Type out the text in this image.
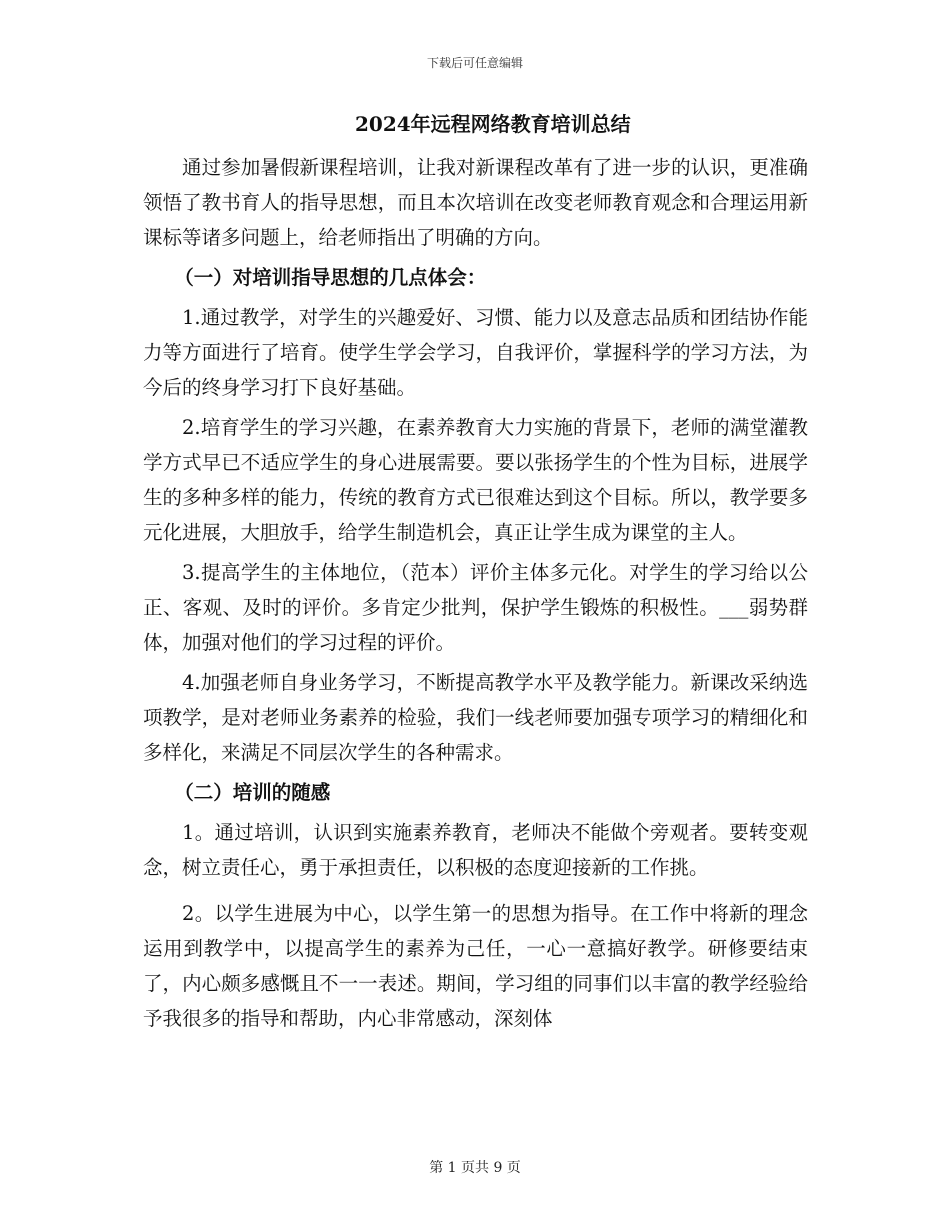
下载后可任意编辑
2024年远程网络教育培训总结

通过参加暑假新课程培训，让我对新课程改革有了进一步的认识，更准确领悟了教书育人的指导思想，而且本次培训在改变老师教育观念和合理运用新课标等诸多问题上，给老师指出了明确的方向。

（一）对培训指导思想的几点体会：

1.通过教学，对学生的兴趣爱好、习惯、能力以及意志品质和团结协作能力等方面进行了培育。使学生学会学习，自我评价，掌握科学的学习方法，为今后的终身学习打下良好基础。

2.培育学生的学习兴趣，在素养教育大力实施的背景下，老师的满堂灌教学方式早已不适应学生的身心进展需要。要以张扬学生的个性为目标，进展学生的多种多样的能力，传统的教育方式已很难达到这个目标。所以，教学要多元化进展，大胆放手，给学生制造机会，真正让学生成为课堂的主人。

3.提高学生的主体地位，（范本）评价主体多元化。对学生的学习给以公正、客观、及时的评价。多肯定少批判，保护学生锻炼的积极性。___弱势群体，加强对他们的学习过程的评价。

4.加强老师自身业务学习，不断提高教学水平及教学能力。新课改采纳选项教学，是对老师业务素养的检验，我们一线老师要加强专项学习的精细化和多样化，来满足不同层次学生的各种需求。

（二）培训的随感

1。通过培训，认识到实施素养教育，老师决不能做个旁观者。要转变观念，树立责任心，勇于承担责任，以积极的态度迎接新的工作挑。

2。以学生进展为中心，以学生第一的思想为指导。在工作中将新的理念运用到教学中，以提高学生的素养为己任，一心一意搞好教学。研修要结束了，内心颇多感慨且不一一表述。期间，学习组的同事们以丰富的教学经验给予我很多的指导和帮助，内心非常感动，深刻体

第 1 页共 9 页
